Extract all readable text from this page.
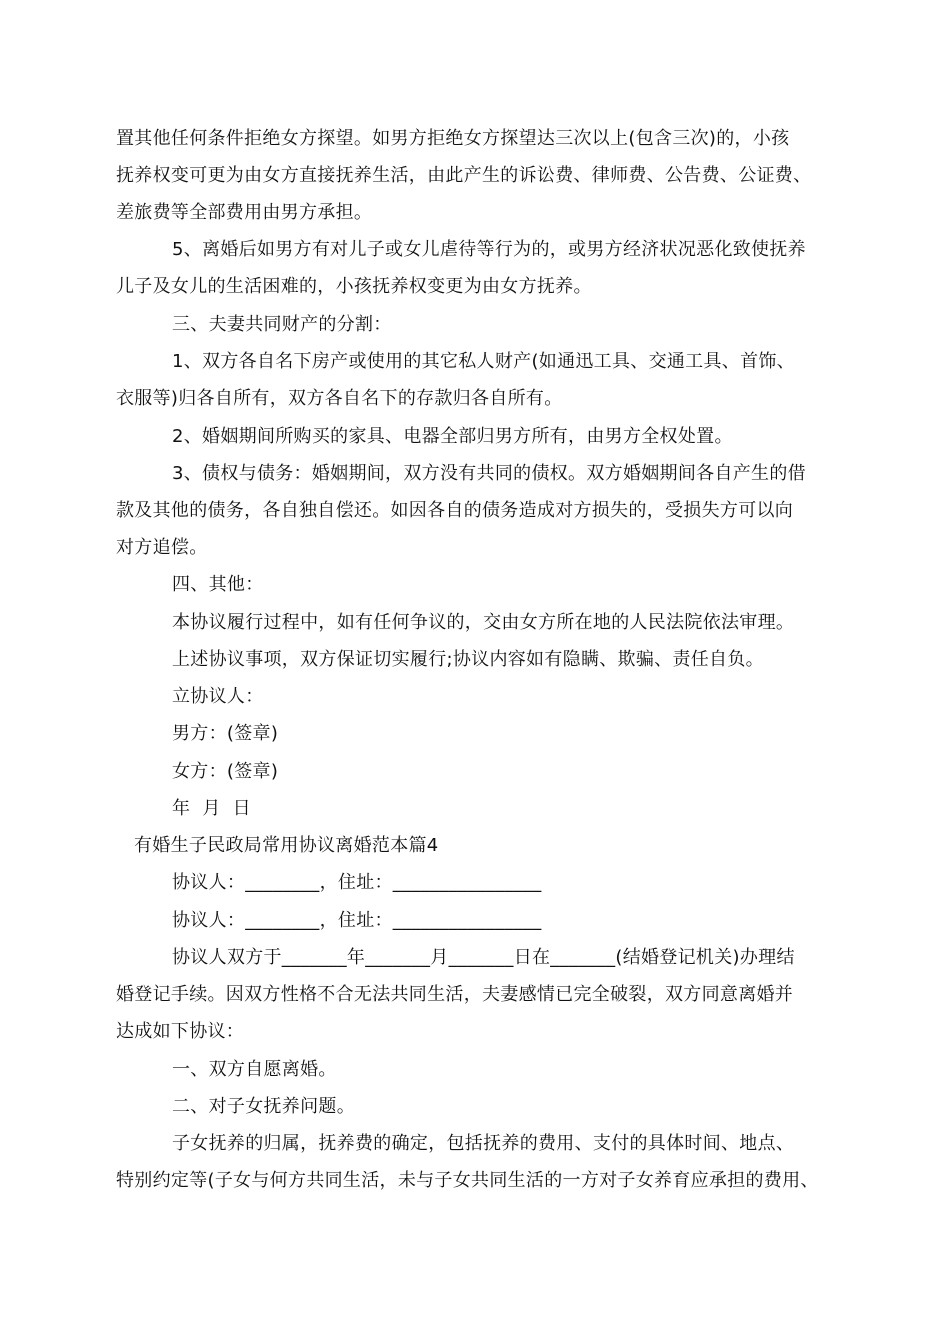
置其他任何条件拒绝女方探望。如男方拒绝女方探望达三次以上(包含三次)的，小孩
抚养权变可更为由女方直接抚养生活，由此产生的诉讼费、律师费、公告费、公证费、
差旅费等全部费用由男方承担。
5、离婚后如男方有对儿子或女儿虐待等行为的，或男方经济状况恶化致使抚养
儿子及女儿的生活困难的，小孩抚养权变更为由女方抚养。
三、夫妻共同财产的分割：
1、双方各自名下房产或使用的其它私人财产(如通迅工具、交通工具、首饰、
衣服等)归各自所有，双方各自名下的存款归各自所有。
2、婚姻期间所购买的家具、电器全部归男方所有，由男方全权处置。
3、债权与债务：婚姻期间，双方没有共同的债权。双方婚姻期间各自产生的借
款及其他的债务，各自独自偿还。如因各自的债务造成对方损失的，受损失方可以向
对方追偿。
四、其他：
本协议履行过程中，如有任何争议的，交由女方所在地的人民法院依法审理。
上述协议事项，双方保证切实履行;协议内容如有隐瞒、欺骗、责任自负。
立协议人：
男方：(签章)
女方：(签章)
年  月  日
有婚生子民政局常用协议离婚范本篇4
协议人：________，住址：________________
协议人：________，住址：________________
协议人双方于_______年_______月_______日在_______(结婚登记机关)办理结
婚登记手续。因双方性格不合无法共同生活，夫妻感情已完全破裂，双方同意离婚并
达成如下协议：
一、双方自愿离婚。
二、对子女抚养问题。
子女抚养的归属，抚养费的确定，包括抚养的费用、支付的具体时间、地点、
特别约定等(子女与何方共同生活，未与子女共同生活的一方对子女养育应承担的费用、
